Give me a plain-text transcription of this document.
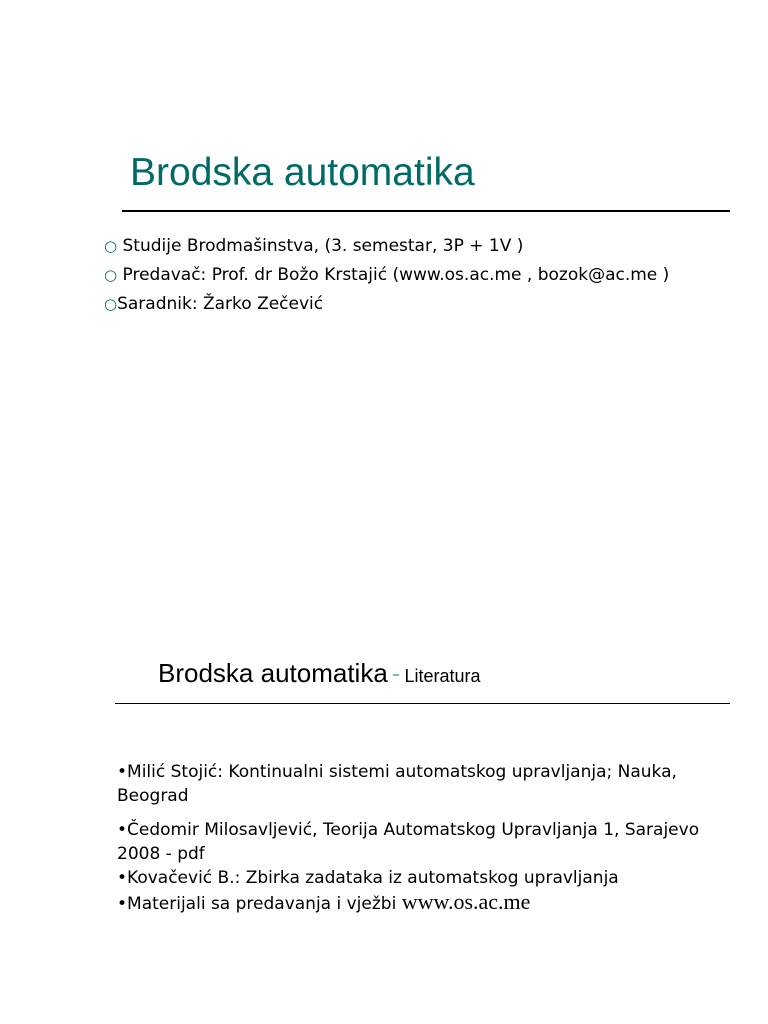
Brodska automatika
○ Studije Brodmašinstva, (3. semestar, 3P + 1V )
○ Predavač: Prof. dr Božo Krstajić (www.os.ac.me , bozok@ac.me )
○Saradnik: Žarko Zečević
Brodska automatika - Literatura
•Milić Stojić: Kontinualni sistemi automatskog upravljanja; Nauka, Beograd
•Čedomir Milosavljević, Teorija Automatskog Upravljanja 1, Sarajevo 2008 - pdf
•Kovačević B.: Zbirka zadataka iz automatskog upravljanja
•Materijali sa predavanja i vježbi www.os.ac.me
